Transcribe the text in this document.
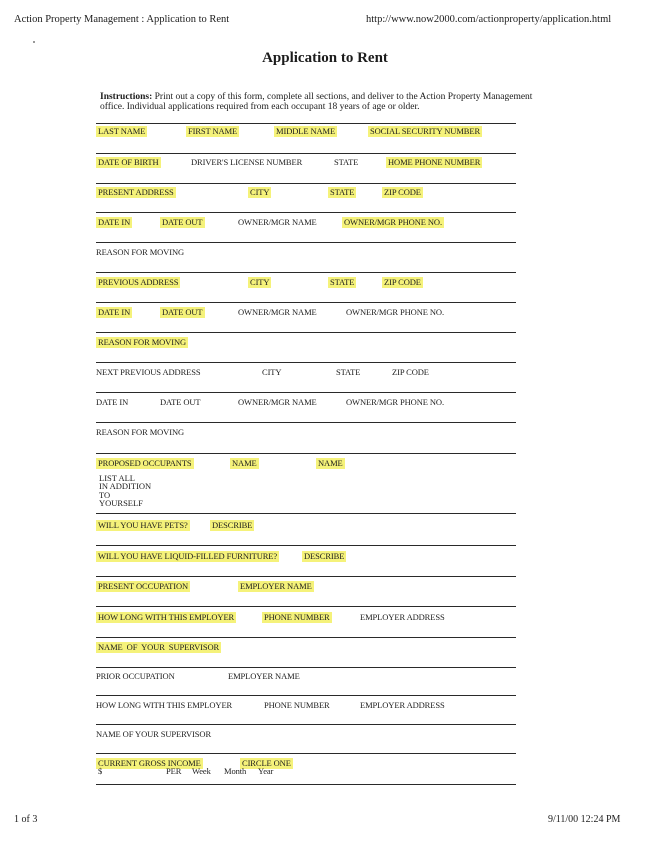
Action Property Management : Application to Rent	http://www.now2000.com/actionproperty/application.html
Application to Rent
Instructions: Print out a copy of this form, complete all sections, and deliver to the Action Property Management office. Individual applications required from each occupant 18 years of age or older.
LAST NAME	FIRST NAME	MIDDLE NAME	SOCIAL SECURITY NUMBER
DATE OF BIRTH	DRIVER'S LICENSE NUMBER	STATE	HOME PHONE NUMBER
PRESENT ADDRESS	CITY	STATE	ZIP CODE
DATE IN	DATE OUT	OWNER/MGR NAME	OWNER/MGR PHONE NO.
REASON FOR MOVING
PREVIOUS ADDRESS	CITY	STATE	ZIP CODE
DATE IN	DATE OUT	OWNER/MGR NAME	OWNER/MGR PHONE NO.
REASON FOR MOVING
NEXT PREVIOUS ADDRESS	CITY	STATE	ZIP CODE
DATE IN	DATE OUT	OWNER/MGR NAME	OWNER/MGR PHONE NO.
REASON FOR MOVING
PROPOSED OCCUPANTS	NAME	NAME
LIST ALL
IN ADDITION
TO
YOURSELF
WILL YOU HAVE PETS?	DESCRIBE
WILL YOU HAVE LIQUID-FILLED FURNITURE?	DESCRIBE
PRESENT OCCUPATION	EMPLOYER NAME
HOW LONG WITH THIS EMPLOYER	PHONE NUMBER	EMPLOYER ADDRESS
NAME  OF  YOUR  SUPERVISOR
PRIOR OCCUPATION	EMPLOYER NAME
HOW LONG WITH THIS EMPLOYER	PHONE NUMBER	EMPLOYER ADDRESS
NAME OF YOUR SUPERVISOR
CURRENT GROSS INCOME	CIRCLE ONE
$	PER Week Month Year
1 of 3	9/11/00 12:24 PM
